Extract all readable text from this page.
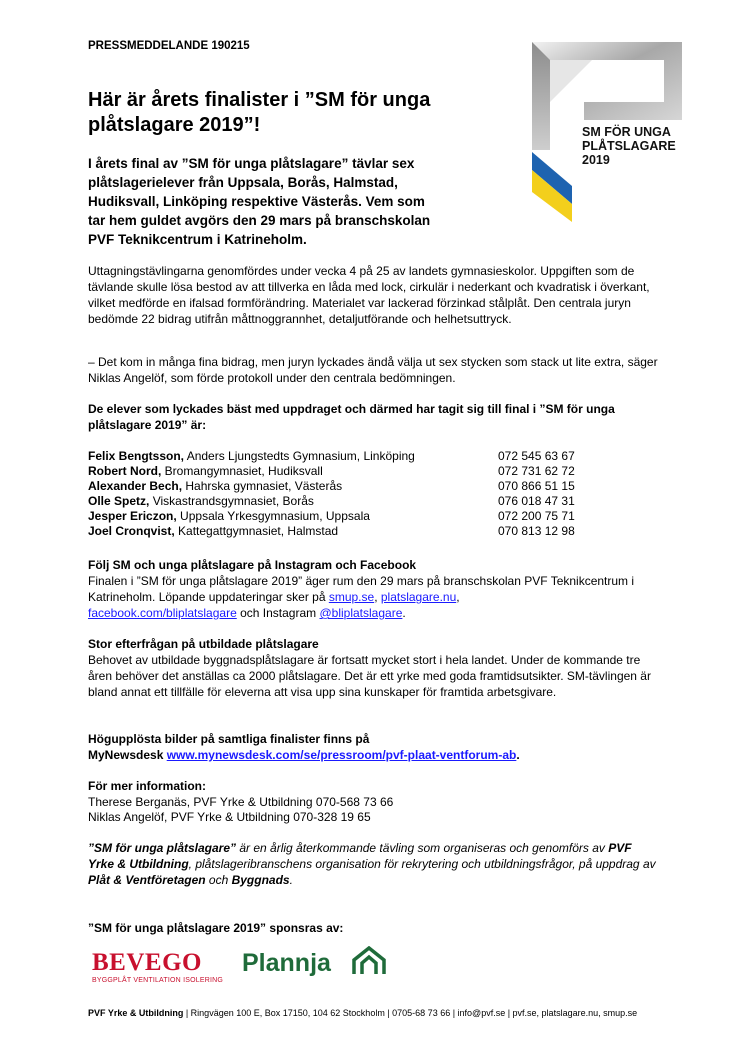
PRESSMEDDELANDE 190215
SM FÖR UNGA
PLÅTSLAGARE
2019
Här är årets finalister i ”SM för unga plåtslagare 2019”!
I årets final av ”SM för unga plåtslagare” tävlar sex plåtslagerielever från Uppsala, Borås, Halmstad, Hudiksvall, Linköping respektive Västerås. Vem som tar hem guldet avgörs den 29 mars på branschskolan PVF Teknikcentrum i Katrineholm.
Uttagningstävlingarna genomfördes under vecka 4 på 25 av landets gymnasieskolor. Uppgiften som de tävlande skulle lösa bestod av att tillverka en låda med lock, cirkulär i nederkant och kvadratisk i överkant, vilket medförde en ifalsad formförändring. Materialet var lackerad förzinkad stålplåt. Den centrala juryn bedömde 22 bidrag utifrån måttnoggrannhet, detaljutförande och helhetsuttryck.
– Det kom in många fina bidrag, men juryn lyckades ändå välja ut sex stycken som stack ut lite extra, säger Niklas Angelöf, som förde protokoll under den centrala bedömningen.
De elever som lyckades bäst med uppdraget och därmed har tagit sig till final i ”SM för unga plåtslagare 2019” är:
Felix Bengtsson, Anders Ljungstedts Gymnasium, Linköping	072 545 63 67
Robert Nord, Bromangymnasiet, Hudiksvall	072 731 62 72
Alexander Bech, Hahrska gymnasiet, Västerås	070 866 51 15
Olle Spetz, Viskastrandsgymnasiet, Borås	076 018 47 31
Jesper Ericzon, Uppsala Yrkesgymnasium, Uppsala	072 200 75 71
Joel Cronqvist, Kattegattgymnasiet, Halmstad	070 813 12 98
Följ SM och unga plåtslagare på Instagram och Facebook
Finalen i ”SM för unga plåtslagare 2019” äger rum den 29 mars på branschskolan PVF Teknikcentrum i Katrineholm. Löpande uppdateringar sker på smup.se, platslagare.nu,
facebook.com/bliplatslagare och Instagram @bliplatslagare.
Stor efterfrågan på utbildade plåtslagare
Behovet av utbildade byggnadsplåtslagare är fortsatt mycket stort i hela landet. Under de kommande tre åren behöver det anställas ca 2000 plåtslagare. Det är ett yrke med goda framtidsutsikter. SM-tävlingen är bland annat ett tillfälle för eleverna att visa upp sina kunskaper för framtida arbetsgivare.
Högupplösta bilder på samtliga finalister finns på
MyNewsdesk www.mynewsdesk.com/se/pressroom/pvf-plaat-ventforum-ab.
För mer information:
Therese Berganäs, PVF Yrke & Utbildning 070-568 73 66
Niklas Angelöf, PVF Yrke & Utbildning 070-328 19 65
”SM för unga plåtslagare” är en årlig återkommande tävling som organiseras och genomförs av PVF Yrke & Utbildning, plåtslageribranschens organisation för rekrytering och utbildningsfrågor, på uppdrag av Plåt & Ventföretagen och Byggnads.
”SM för unga plåtslagare 2019” sponsras av:
BEVEGO
BYGGPLÅT VENTILATION ISOLERING
Plannja
PVF Yrke & Utbildning | Ringvägen 100 E, Box 17150, 104 62 Stockholm | 0705-68 73 66 | info@pvf.se | pvf.se, platslagare.nu, smup.se
